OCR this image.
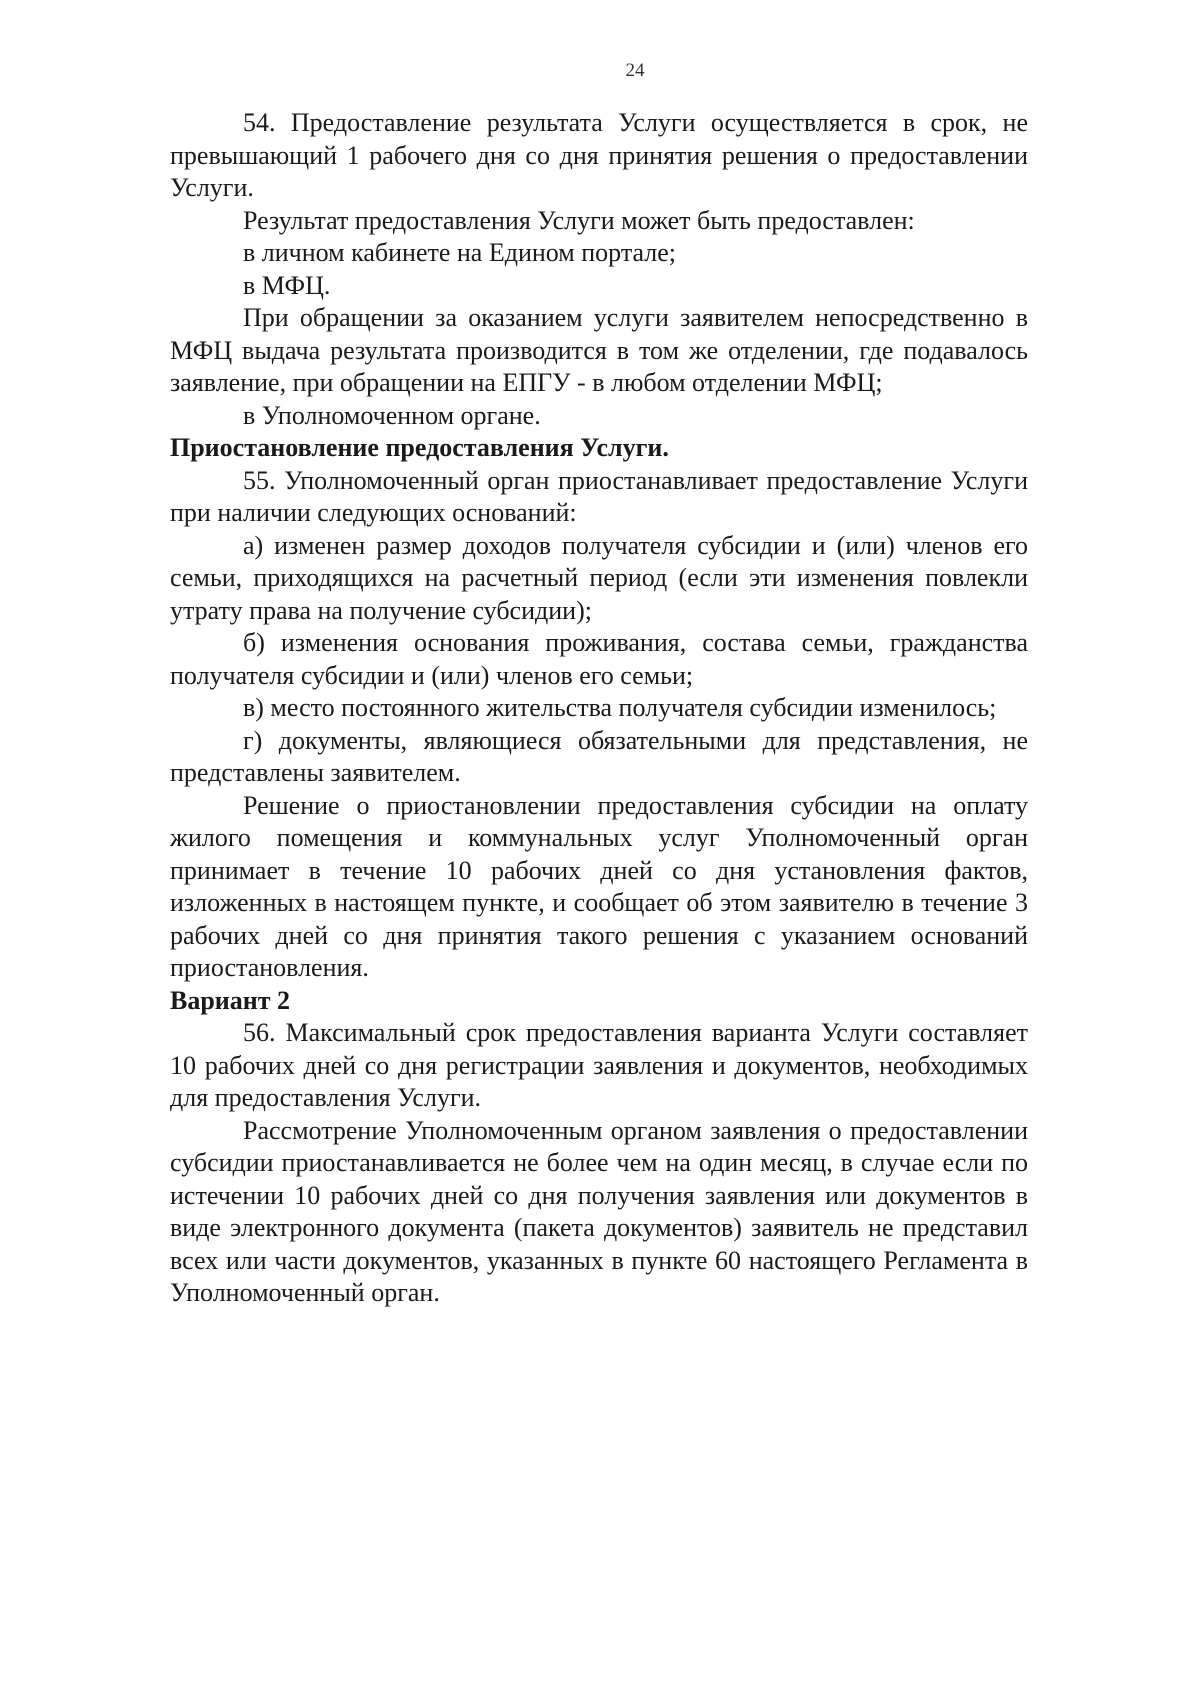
24

54. Предоставление результата Услуги осуществляется в срок, не превышающий 1 рабочего дня со дня принятия решения о предоставлении Услуги.

Результат предоставления Услуги может быть предоставлен:

в личном кабинете на Едином портале;

в МФЦ.

При обращении за оказанием услуги заявителем непосредственно в МФЦ выдача результата производится в том же отделении, где подавалось заявление, при обращении на ЕПГУ - в любом отделении МФЦ;

в Уполномоченном органе.

Приостановление предоставления Услуги.

55. Уполномоченный орган приостанавливает предоставление Услуги при наличии следующих оснований:

а) изменен размер доходов получателя субсидии и (или) членов его семьи, приходящихся на расчетный период (если эти изменения повлекли утрату права на получение субсидии);

б) изменения основания проживания, состава семьи, гражданства получателя субсидии и (или) членов его семьи;

в) место постоянного жительства получателя субсидии изменилось;

г) документы, являющиеся обязательными для представления, не представлены заявителем.

Решение о приостановлении предоставления субсидии на оплату жилого помещения и коммунальных услуг Уполномоченный орган принимает в течение 10 рабочих дней со дня установления фактов, изложенных в настоящем пункте, и сообщает об этом заявителю в течение 3 рабочих дней со дня принятия такого решения с указанием оснований приостановления.

Вариант 2

56. Максимальный срок предоставления варианта Услуги составляет 10 рабочих дней со дня регистрации заявления и документов, необходимых для предоставления Услуги.

Рассмотрение Уполномоченным органом заявления о предоставлении субсидии приостанавливается не более чем на один месяц, в случае если по истечении 10 рабочих дней со дня получения заявления или документов в виде электронного документа (пакета документов) заявитель не представил всех или части документов, указанных в пункте 60 настоящего Регламента в Уполномоченный орган.
